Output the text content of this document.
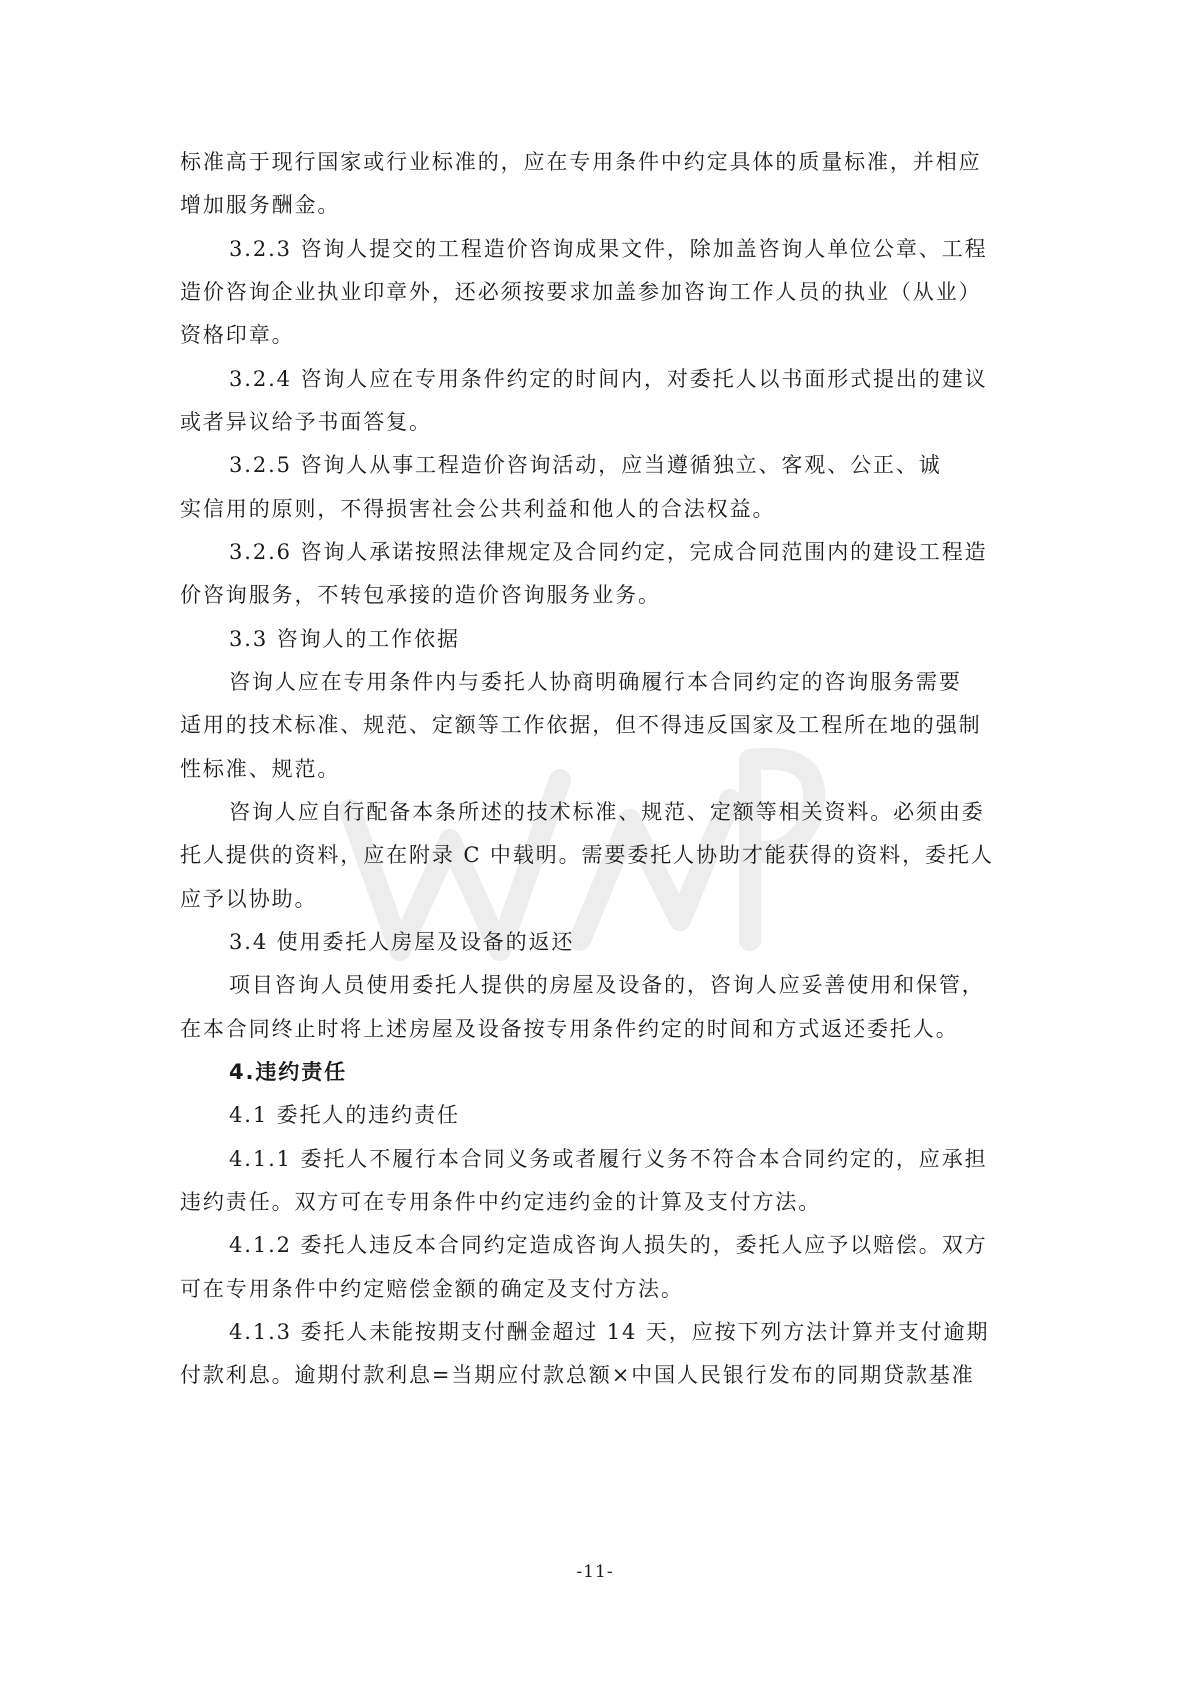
标准高于现行国家或行业标准的，应在专用条件中约定具体的质量标准，并相应
增加服务酬金。
3.2.3 咨询人提交的工程造价咨询成果文件，除加盖咨询人单位公章、工程
造价咨询企业执业印章外，还必须按要求加盖参加咨询工作人员的执业（从业）
资格印章。
3.2.4 咨询人应在专用条件约定的时间内，对委托人以书面形式提出的建议
或者异议给予书面答复。
3.2.5 咨询人从事工程造价咨询活动，应当遵循独立、客观、公正、诚
实信用的原则，不得损害社会公共利益和他人的合法权益。
3.2.6 咨询人承诺按照法律规定及合同约定，完成合同范围内的建设工程造
价咨询服务，不转包承接的造价咨询服务业务。
3.3 咨询人的工作依据
咨询人应在专用条件内与委托人协商明确履行本合同约定的咨询服务需要
适用的技术标准、规范、定额等工作依据，但不得违反国家及工程所在地的强制
性标准、规范。
咨询人应自行配备本条所述的技术标准、规范、定额等相关资料。必须由委
托人提供的资料，应在附录 C 中载明。需要委托人协助才能获得的资料，委托人
应予以协助。
3.4 使用委托人房屋及设备的返还
项目咨询人员使用委托人提供的房屋及设备的，咨询人应妥善使用和保管，
在本合同终止时将上述房屋及设备按专用条件约定的时间和方式返还委托人。
4.违约责任
4.1 委托人的违约责任
4.1.1 委托人不履行本合同义务或者履行义务不符合本合同约定的，应承担
违约责任。双方可在专用条件中约定违约金的计算及支付方法。
4.1.2 委托人违反本合同约定造成咨询人损失的，委托人应予以赔偿。双方
可在专用条件中约定赔偿金额的确定及支付方法。
4.1.3 委托人未能按期支付酬金超过 14 天，应按下列方法计算并支付逾期
付款利息。逾期付款利息=当期应付款总额×中国人民银行发布的同期贷款基准
-11-
